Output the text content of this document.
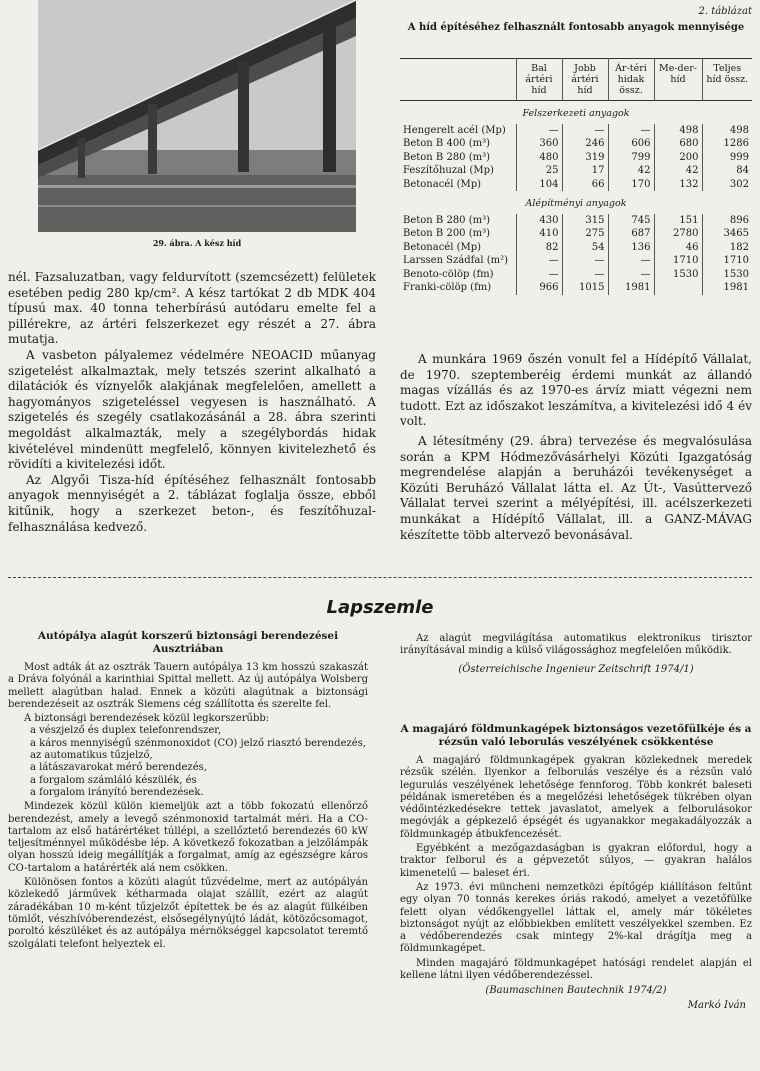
29. ábra. A kész híd

nél. Fazsaluzatban, vagy feldurvított (szemcsézett) felületek esetében pedig 280 kp/cm². A kész tartókat 2 db MDK 404 típusú max. 40 tonna teherbírású autódaru emelte fel a pillérekre, az ártéri felszerkezet egy részét a 27. ábra mutatja.

A vasbeton pályalemez védelmére NEOACID műanyag szigetelést alkalmaztak, mely tetszés szerint alkalható a dilatációk és víznyelők alakjának megfelelően, amellett a hagyományos szigeteléssel vegyesen is használható. A szigetelés és szegély csatlakozásánál a 28. ábra szerinti megoldást alkalmazták, mely a szegélybordás hidak kivételével mindenütt megfelelő, könnyen kivitelezhető és rövidíti a kivitelezési időt.

Az Algyői Tisza-híd építéséhez felhasznált fontosabb anyagok mennyiségét a 2. táblázat foglalja össze, ebből kitűnik, hogy a szerkezet beton-, és feszítőhuzal-felhasználása kedvező.

2. táblázat
A híd építéséhez felhasznált fontosabb anyagok mennyisége
	Bal ártéri híd	Jobb ártéri híd	Ár-téri hidak össz.	Me-der-híd	Teljes híd össz.
Felszerkezeti anyagok					
Hengerelt acél (Mp)	—	—	—	498	498
Beton B 400 (m³)	360	246	606	680	1286
Beton B 280 (m³)	480	319	799	200	999
Feszítőhuzal (Mp)	25	17	42	42	84
Betonacél (Mp)	104	66	170	132	302
Alépítményi anyagok					
Beton B 280 (m³)	430	315	745	151	896
Beton B 200 (m³)	410	275	687	2780	3465
Betonacél (Mp)	82	54	136	46	182
Larssen Szádfal (m²)	—	—	—	1710	1710
Benoto-cölöp (fm)	—	—	—	1530	1530
Franki-cölöp (fm)	966	1015	1981		1981

A munkára 1969 őszén vonult fel a Hídépítő Vállalat, de 1970. szeptemberéig érdemi munkát az állandó magas vízállás és az 1970-es árvíz miatt végezni nem tudott. Ezt az időszakot leszámítva, a kivitelezési idő 4 év volt.

A létesítmény (29. ábra) tervezése és megvalósulása során a KPM Hódmezővásárhelyi Közúti Igazgatóság megrendelése alapján a beruházói tevékenységet a Közúti Beruházó Vállalat látta el. Az Út-, Vasúttervező Vállalat tervei szerint a mélyépítési, ill. acélszerkezeti munkákat a Hídépítő Vállalat, ill. a GANZ-MÁVAG készítette több altervező bevonásával.

Lapszemle
Autópálya alagút korszerű biztonsági berendezései Ausztriában

Most adták át az osztrák Tauern autópálya 13 km hosszú szakaszát a Dráva folyónál a karinthiai Spittal mellett. Az új autópálya Wolsberg mellett alagútban halad. Ennek a közúti alagútnak a biztonsági berendezéseit az osztrák Siemens cég szállította és szerelte fel.

A biztonsági berendezések közül legkorszerűbb:

a vészjelző és duplex telefonrendszer,
a káros mennyiségű szénmonoxidot (CO) jelző riasztó berendezés,
az automatikus tűzjelző,
a látászavarokat mérő berendezés,
a forgalom számláló készülék, és
a forgalom irányító berendezések.

Mindezek közül külön kiemeljük azt a több fokozatú ellenőrző berendezést, amely a levegő szénmonoxid tartalmát méri. Ha a CO-tartalom az első határértéket túllépi, a szellőztető berendezés 60 kW teljesítménnyel működésbe lép. A következő fokozatban a jelzőlámpák olyan hosszú ideig megállítják a forgalmat, amíg az egészségre káros CO-tartalom a határérték alá nem csökken.

Különösen fontos a közúti alagút tűzvédelme, mert az autópályán közlekedő járművek kétharmada olajat szállít, ezért az alagút záradékában 10 m-ként tűzjelzőt építettek be és az alagút fülkéiben tömlőt, vészhívóberendezést, elsősegélynyújtó ládát, kötözőcsomagot, poroltó készüléket és az autópálya mérnökséggel kapcsolatot teremtő szolgálati telefont helyeztek el.

Az alagút megvilágítása automatikus elektronikus tirisztor irányításával mindig a külső világossághoz megfelelően működik.

(Österreichische Ingenieur Zeitschrift 1974/1)
A magajáró földmunkagépek biztonságos vezetőfülkéje és a rézsűn való leborulás veszélyének csökkentése

A magajáró földmunkagépek gyakran közlekednek meredek rézsűk szélén. Ilyenkor a felborulás veszélye és a rézsűn való legurulás veszélyének lehetősége fennforog. Több konkrét baleseti példának ismeretében és a megelőzési lehetőségek tükrében olyan védőintézkedésekre tettek javaslatot, amelyek a felborulásokor megóvják a gépkezelő épségét és ugyanakkor megakadályozzák a földmunkagép átbukfencezését.

Egyébként a mezőgazdaságban is gyakran előfordul, hogy a traktor felborul és a gépvezetőt súlyos, — gyakran halálos kimenetelű — baleset éri.

Az 1973. évi müncheni nemzetközi építőgép kiállításon feltűnt egy olyan 70 tonnás kerekes óriás rakodó, amelyet a vezetőfülke felett olyan védőkengyellel láttak el, amely már tökéletes biztonságot nyújt az előbbiekben említett veszélyekkel szemben. Ez a védőberendezés csak mintegy 2%-kal drágítja meg a földmunkagépet.

Minden magajáró földmunkagépet hatósági rendelet alapján el kellene látni ilyen védőberendezéssel.

(Baumaschinen Bautechnik 1974/2)
Markó Iván
